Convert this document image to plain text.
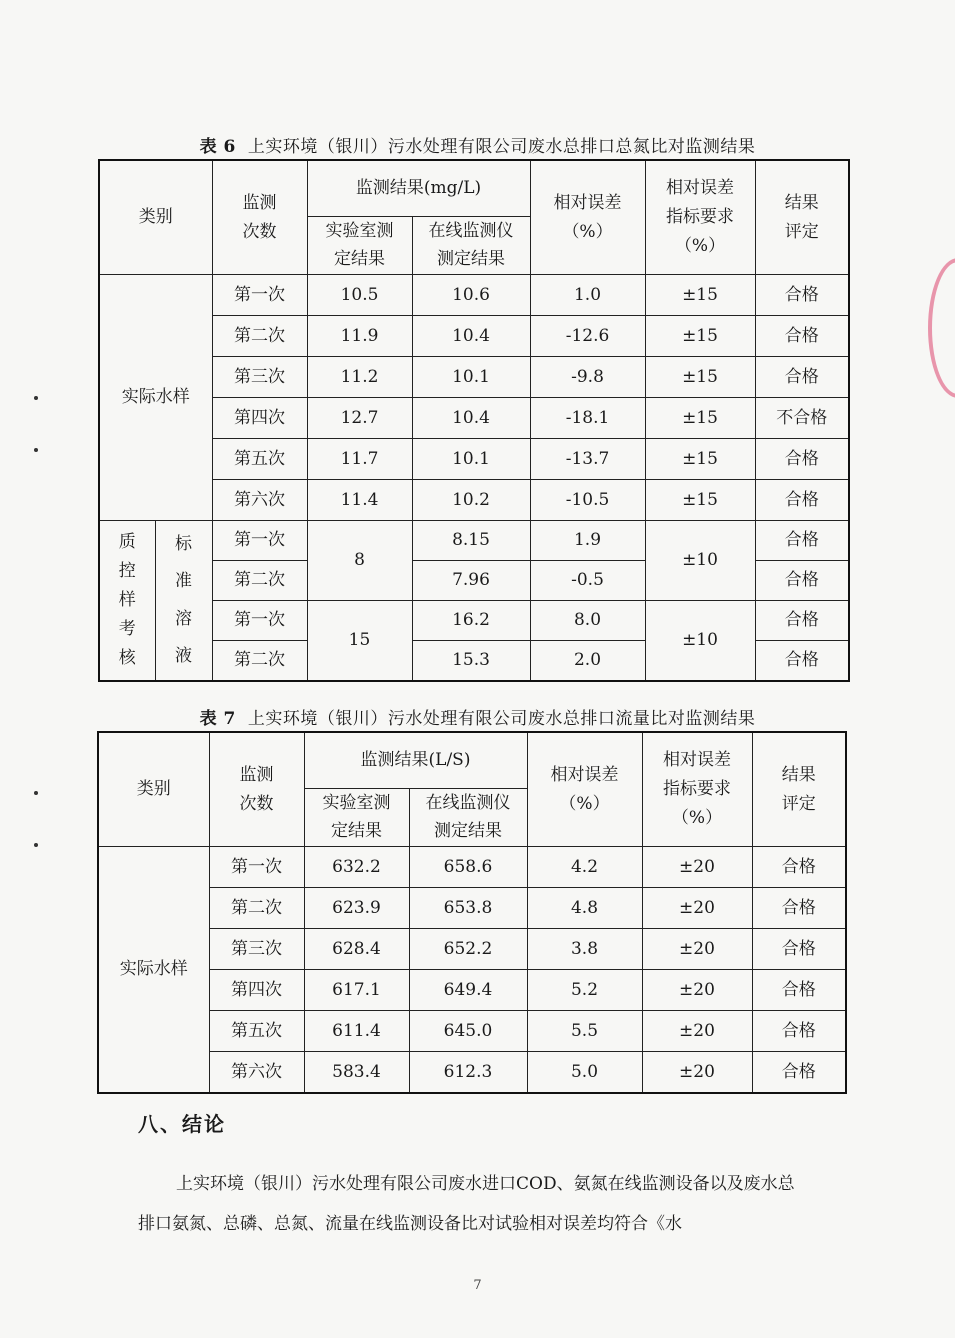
表 6 上实环境（银川）污水处理有限公司废水总排口总氮比对监测结果
类别		监测次数	监测结果(mg/L)		相对误差（%）	相对误差指标要求（%）	结果评定
			实验室测定结果	在线监测仪测定结果			
实际水样		第一次	10.5	10.6	1.0	±15	合格
		第二次	11.9	10.4	-12.6	±15	合格
		第三次	11.2	10.1	-9.8	±15	合格
		第四次	12.7	10.4	-18.1	±15	不合格
		第五次	11.7	10.1	-13.7	±15	合格
		第六次	11.4	10.2	-10.5	±15	合格
质控样考核	标准溶液	第一次	8	8.15	1.9	±10	合格
		第二次		7.96	-0.5		合格
		第一次	15	16.2	8.0	±10	合格
		第二次		15.3	2.0		合格
表 7 上实环境（银川）污水处理有限公司废水总排口流量比对监测结果
类别	监测次数	监测结果(L/S)		相对误差（%）	相对误差指标要求（%）	结果评定
		实验室测定结果	在线监测仪测定结果			
实际水样	第一次	632.2	658.6	4.2	±20	合格
	第二次	623.9	653.8	4.8	±20	合格
	第三次	628.4	652.2	3.8	±20	合格
	第四次	617.1	649.4	5.2	±20	合格
	第五次	611.4	645.0	5.5	±20	合格
	第六次	583.4	612.3	5.0	±20	合格
八、结论
上实环境（银川）污水处理有限公司废水进口COD、氨氮在线监测设备以及废水总排口氨氮、总磷、总氮、流量在线监测设备比对试验相对误差均符合《水
7
